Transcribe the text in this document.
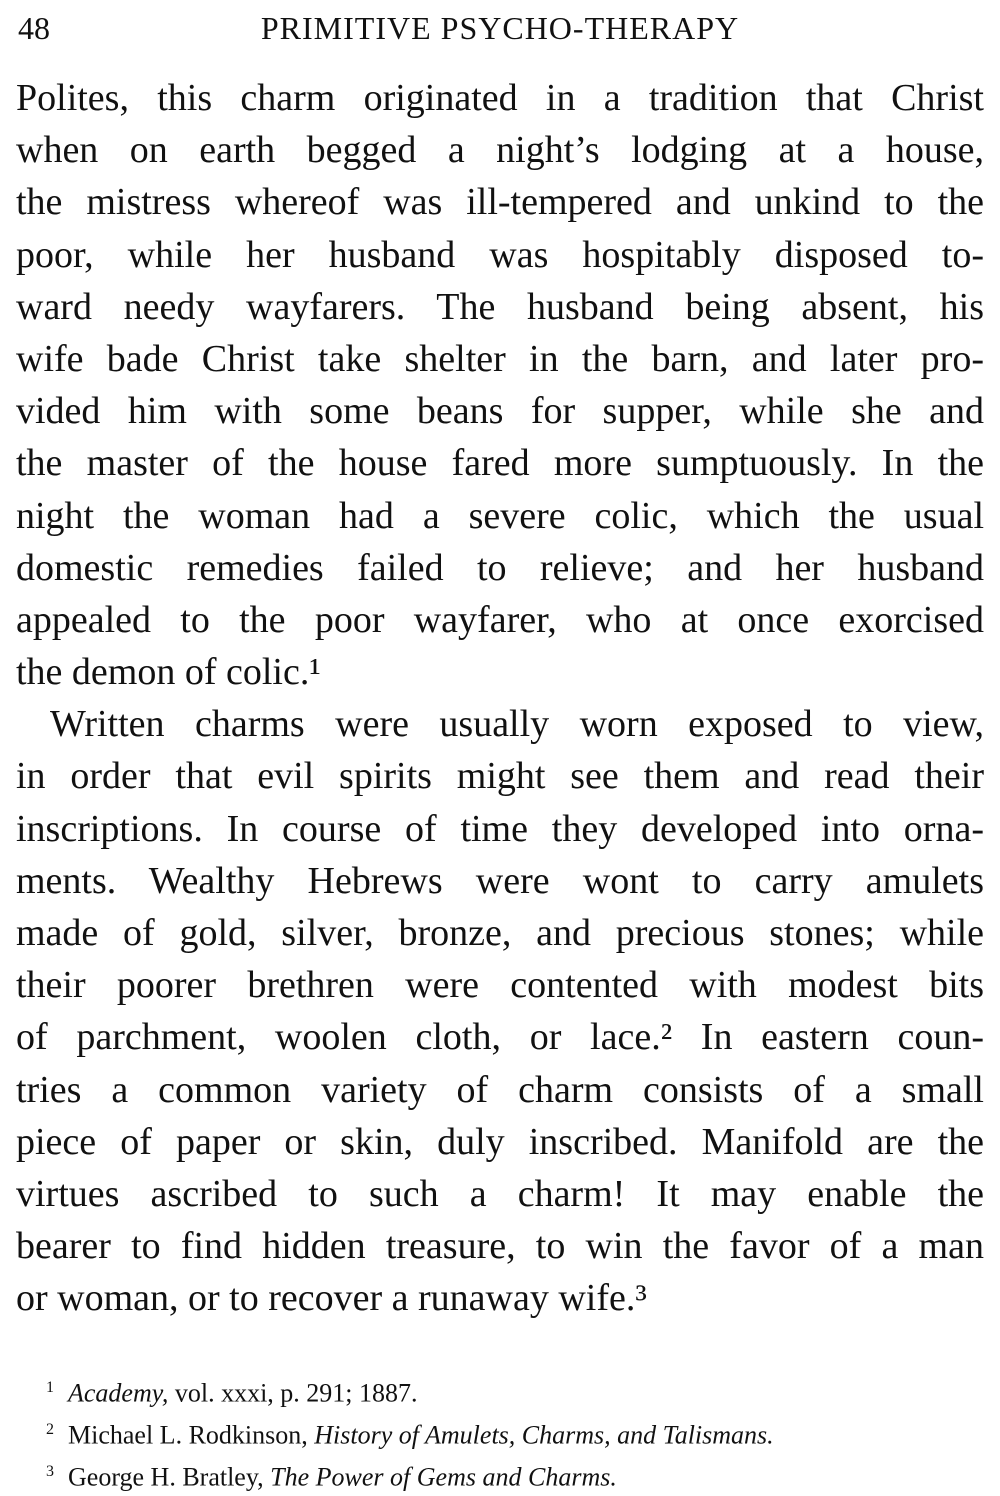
48	PRIMITIVE PSYCHO-THERAPY
Polites, this charm originated in a tradition that Christ
when on earth begged a night’s lodging at a house,
the mistress whereof was ill-tempered and unkind to the
poor, while her husband was hospitably disposed to-
ward needy wayfarers. The husband being absent, his
wife bade Christ take shelter in the barn, and later pro-
vided him with some beans for supper, while she and
the master of the house fared more sumptuously. In the
night the woman had a severe colic, which the usual
domestic remedies failed to relieve; and her husband
appealed to the poor wayfarer, who at once exorcised
the demon of colic.¹
Written charms were usually worn exposed to view,
in order that evil spirits might see them and read their
inscriptions. In course of time they developed into orna-
ments. Wealthy Hebrews were wont to carry amulets
made of gold, silver, bronze, and precious stones; while
their poorer brethren were contented with modest bits
of parchment, woolen cloth, or lace.² In eastern coun-
tries a common variety of charm consists of a small
piece of paper or skin, duly inscribed. Manifold are the
virtues ascribed to such a charm! It may enable the
bearer to find hidden treasure, to win the favor of a man
or woman, or to recover a runaway wife.³
$^1$ Academy, vol. xxxi, p. 291; 1887.
$^2$ Michael L. Rodkinson, History of Amulets, Charms, and Talismans.
$^3$ George H. Bratley, The Power of Gems and Charms.
